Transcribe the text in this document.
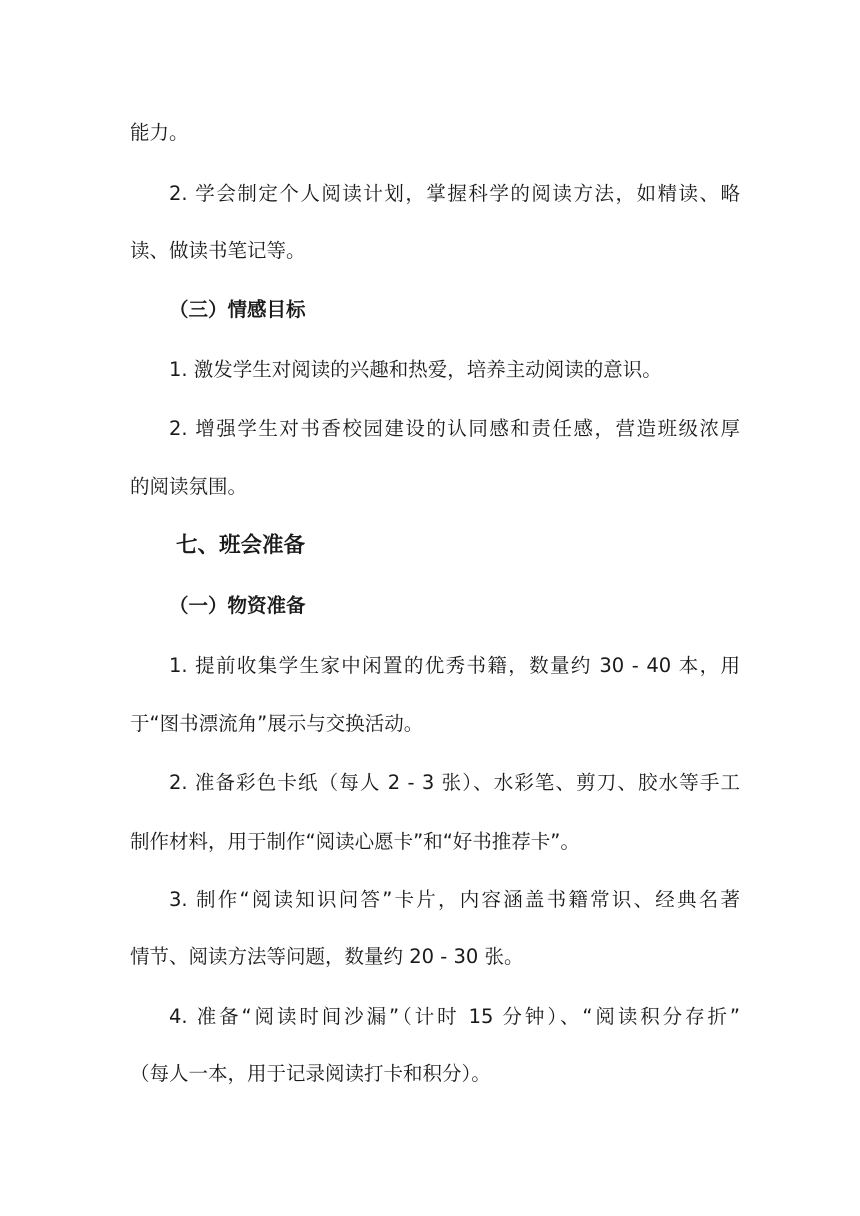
能力。
2. 学会制定个人阅读计划，掌握科学的阅读方法，如精读、略
读、做读书笔记等。
（三）情感目标
1. 激发学生对阅读的兴趣和热爱，培养主动阅读的意识。
2. 增强学生对书香校园建设的认同感和责任感，营造班级浓厚
的阅读氛围。
七、班会准备
（一）物资准备
1. 提前收集学生家中闲置的优秀书籍，数量约 30 - 40 本，用
于“图书漂流角”展示与交换活动。
2. 准备彩色卡纸（每人 2 - 3 张）、水彩笔、剪刀、胶水等手工
制作材料，用于制作“阅读心愿卡”和“好书推荐卡”。
3. 制作“阅读知识问答”卡片，内容涵盖书籍常识、经典名著
情节、阅读方法等问题，数量约 20 - 30 张。
4. 准备“阅读时间沙漏”（计时 15 分钟）、“阅读积分存折”
（每人一本，用于记录阅读打卡和积分）。
